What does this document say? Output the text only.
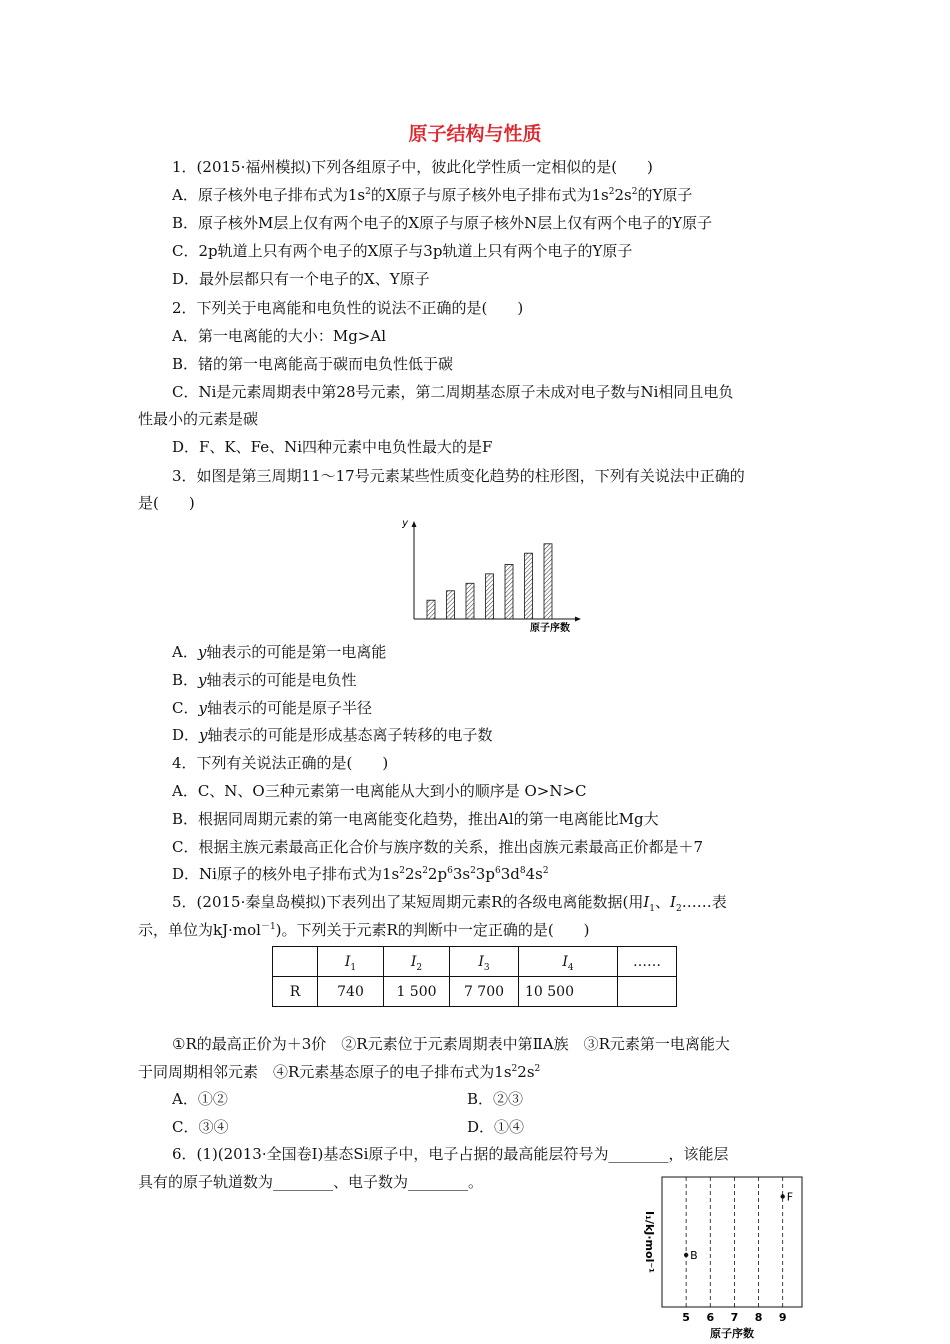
原子结构与性质
1．(2015·福州模拟)下列各组原子中，彼此化学性质一定相似的是(　　)
A．原子核外电子排布式为$1s^2$的X原子与原子核外电子排布式为$1s^22s^2$的Y原子
B．原子核外M层上仅有两个电子的X原子与原子核外N层上仅有两个电子的Y原子
C．2p轨道上只有两个电子的X原子与3p轨道上只有两个电子的Y原子
D．最外层都只有一个电子的X、Y原子
2．下列关于电离能和电负性的说法不正确的是(　　)
A．第一电离能的大小：Mg>Al
B．锗的第一电离能高于碳而电负性低于碳
C．Ni是元素周期表中第28号元素，第二周期基态原子未成对电子数与Ni相同且电负
性最小的元素是碳
D．F、K、Fe、Ni四种元素中电负性最大的是F
3．如图是第三周期11～17号元素某些性质变化趋势的柱形图，下列有关说法中正确的
是(　　)
y
原子序数
A．y轴表示的可能是第一电离能
B．y轴表示的可能是电负性
C．y轴表示的可能是原子半径
D．y轴表示的可能是形成基态离子转移的电子数
4．下列有关说法正确的是(　　)
A．C、N、O三种元素第一电离能从大到小的顺序是 O>N>C
B．根据同周期元素的第一电离能变化趋势，推出Al的第一电离能比Mg大
C．根据主族元素最高正化合价与族序数的关系，推出卤族元素最高正价都是＋7
D．Ni原子的核外电子排布式为$1s^22s^22p^63s^23p^63d^84s^2$
5．(2015·秦皇岛模拟)下表列出了某短周期元素R的各级电离能数据(用$I_1$、$I_2\dots\dots$表
示，单位为kJ·mol$^{-1}$)。下列关于元素R的判断中一定正确的是(　　)
	$I_1$	$I_2$	$I_3$	$I_4$	……
R	740	1 500	7 700	10 500	
①R的最高正价为＋3价　②R元素位于元素周期表中第ⅡA族　③R元素第一电离能大
于同周期相邻元素　④R元素基态原子的电子排布式为$1s^22s^2$
A．①②	B．②③
C．③④	D．①④
6．(1)(2013·全国卷Ⅰ)基态Si原子中，电子占据的最高能层符号为________，该能层
具有的原子轨道数为________、电子数为________。
5 6 7 8 9
B
F
I₁/kJ·mol⁻¹
原子序数
